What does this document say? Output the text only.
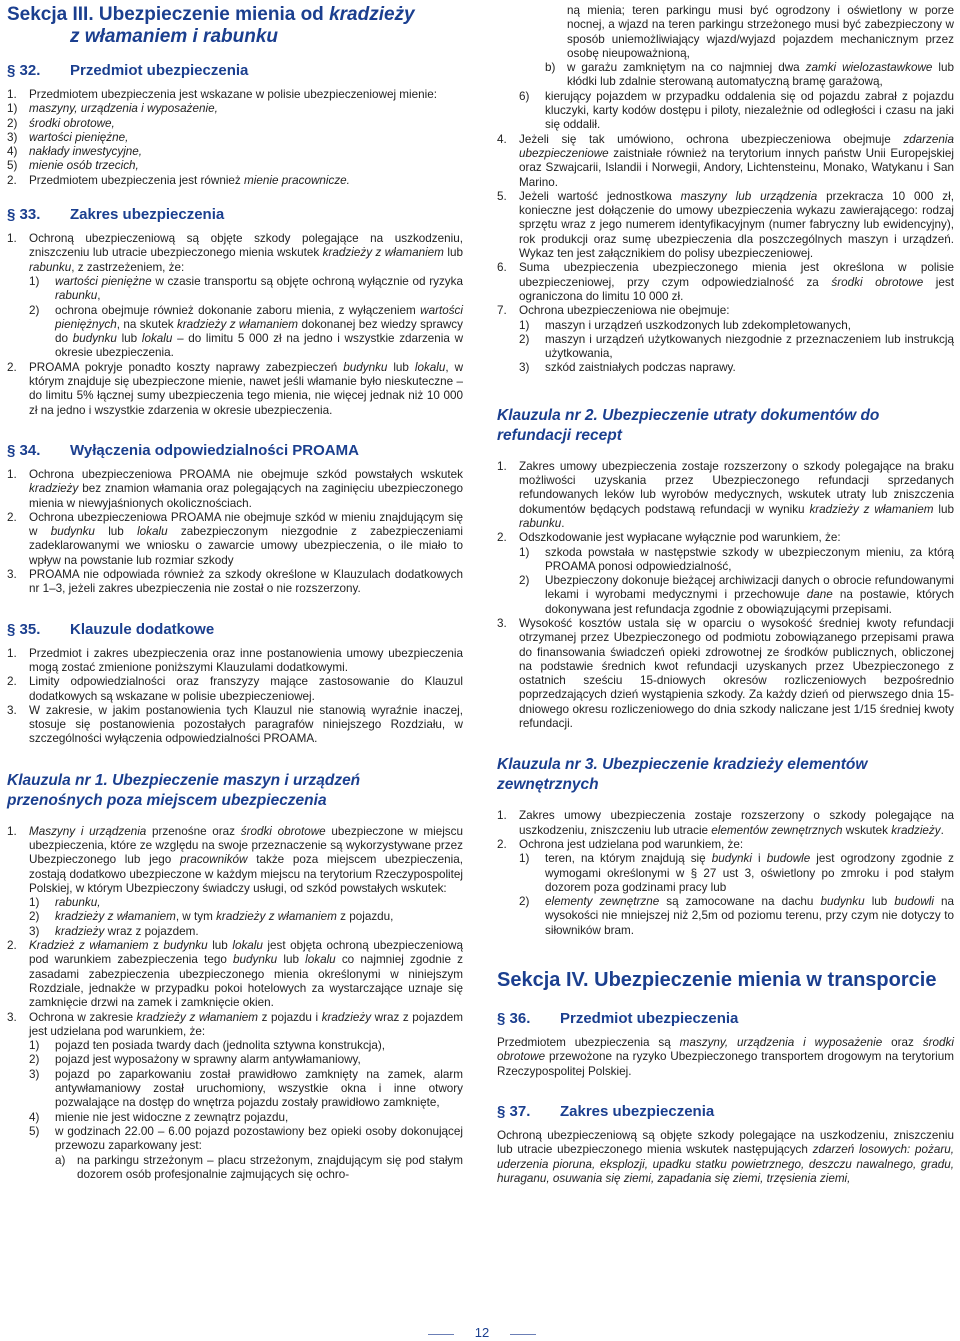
Sekcja III. Ubezpieczenie mienia od kradzieży
z włamaniem i rabunku
§ 32.	Przedmiot ubezpieczenia
1.	Przedmiotem ubezpieczenia jest wskazane w polisie ubezpieczeniowej mienie:
1) maszyny, urządzenia i wyposażenie,
2) środki obrotowe,
3) wartości pieniężne,
4) nakłady inwestycyjne,
5) mienie osób trzecich,
2.	Przedmiotem ubezpieczenia jest również mienie pracownicze.
§ 33.	Zakres ubezpieczenia
1.	Ochroną ubezpieczeniową są objęte szkody polegające na uszkodzeniu, zniszczeniu lub utracie ubezpieczonego mienia wskutek kradzieży z włamaniem lub rabunku, z zastrzeżeniem, że:
1)	wartości pieniężne w czasie transportu są objęte ochroną wyłącznie od ryzyka rabunku,
2)	ochrona obejmuje również dokonanie zaboru mienia, z wyłączeniem wartości pieniężnych, na skutek kradzieży z włamaniem dokonanej bez wiedzy sprawcy do budynku lub lokalu – do limitu 5 000 zł na jedno i wszystkie zdarzenia w okresie ubezpieczenia.
2.	PROAMA pokryje ponadto koszty naprawy zabezpieczeń budynku lub lokalu, w którym znajduje się ubezpieczone mienie, nawet jeśli włamanie było nieskuteczne – do limitu 5% łącznej sumy ubezpieczenia tego mienia, nie więcej jednak niż 10 000 zł na jedno i wszystkie zdarzenia w okresie ubezpieczenia.
§ 34.	Wyłączenia odpowiedzialności PROAMA
1.	Ochrona ubezpieczeniowa PROAMA nie obejmuje szkód powstałych wskutek kradzieży bez znamion włamania oraz polegających na zaginięciu ubezpieczonego mienia w niewyjaśnionych okolicznościach.
2.	Ochrona ubezpieczeniowa PROAMA nie obejmuje szkód w mieniu znajdującym się w budynku lub lokalu zabezpieczonym niezgodnie z zabezpieczeniami zadeklarowanymi we wniosku o zawarcie umowy ubezpieczenia, o ile miało to wpływ na powstanie lub rozmiar szkody
3.	PROAMA nie odpowiada również za szkody określone w Klauzulach dodatkowych nr 1–3, jeżeli zakres ubezpieczenia nie został o nie rozszerzony.
§ 35.	Klauzule dodatkowe
1.	Przedmiot i zakres ubezpieczenia oraz inne postanowienia umowy ubezpieczenia mogą zostać zmienione poniższymi Klauzulami dodatkowymi.
2.	Limity odpowiedzialności oraz franszyzy mające zastosowanie do Klauzul dodatkowych są wskazane w polisie ubezpieczeniowej.
3.	W zakresie, w jakim postanowienia tych Klauzul nie stanowią wyraźnie inaczej, stosuje się postanowienia pozostałych paragrafów niniejszego Rozdziału, w szczególności wyłączenia odpowiedzialności PROAMA.
Klauzula nr 1. Ubezpieczenie maszyn i urządzeń
przenośnych poza miejscem ubezpieczenia
1.	Maszyny i urządzenia przenośne oraz środki obrotowe ubezpieczone w miejscu ubezpieczenia, które ze względu na swoje przeznaczenie są wykorzystywane przez Ubezpieczonego lub jego pracowników także poza miejscem ubezpieczenia, zostają dodatkowo ubezpieczone w każdym miejscu na terytorium Rzeczypospolitej Polskiej, w którym Ubezpieczony świadczy usługi, od szkód powstałych wskutek:
1)	rabunku,
2)	kradzieży z włamaniem, w tym kradzieży z włamaniem z pojazdu,
3)	kradzieży wraz z pojazdem.
2.	Kradzież z włamaniem z budynku lub lokalu jest objęta ochroną ubezpieczeniową pod warunkiem zabezpieczenia tego budynku lub lokalu co najmniej zgodnie z zasadami zabezpieczenia ubezpieczonego mienia określonymi w niniejszym Rozdziale, jednakże w przypadku pokoi hotelowych za wystarczające uznaje się zamknięcie drzwi na zamek i zamknięcie okien.
3.	Ochrona w zakresie kradzieży z włamaniem z pojazdu i kradzieży wraz z pojazdem jest udzielana pod warunkiem, że:
1)	pojazd ten posiada twardy dach (jednolita sztywna konstrukcja),
2)	pojazd jest wyposażony w sprawny alarm antywłamaniowy,
3)	pojazd po zaparkowaniu został prawidłowo zamknięty na zamek, alarm antywłamaniowy został uruchomiony, wszystkie okna i inne otwory pozwalające na dostęp do wnętrza pojazdu zostały prawidłowo zamknięte,
4)	mienie nie jest widoczne z zewnątrz pojazdu,
5)	w godzinach 22.00 – 6.00 pojazd pozostawiony bez opieki osoby dokonującej przewozu zaparkowany jest:
a) na parkingu strzeżonym – placu strzeżonym, znajdującym się pod stałym dozorem osób profesjonalnie zajmujących się ochro-
ną mienia; teren parkingu musi być ogrodzony i oświetlony w porze nocnej, a wjazd na teren parkingu strzeżonego musi być zabezpieczony w sposób uniemożliwiający wjazd/wyjazd pojazdem mechanicznym przez osobę nieupoważnioną,
b) w garażu zamkniętym na co najmniej dwa zamki wielozastawkowe lub kłódki lub zdalnie sterowaną automatyczną bramę garażową,
6)	kierujący pojazdem w przypadku oddalenia się od pojazdu zabrał z pojazdu kluczyki, karty kodów dostępu i piloty, niezależnie od odległości i czasu na jaki się oddalił.
4.	Jeżeli się tak umówiono, ochrona ubezpieczeniowa obejmuje zdarzenia ubezpieczeniowe zaistniałe również na terytorium innych państw Unii Europejskiej oraz Szwajcarii, Islandii i Norwegii, Andory, Lichtensteinu, Monako, Watykanu i San Marino.
5.	Jeżeli wartość jednostkowa maszyny lub urządzenia przekracza 10 000 zł, konieczne jest dołączenie do umowy ubezpieczenia wykazu zawierającego: rodzaj sprzętu wraz z jego numerem identyfikacyjnym (numer fabryczny lub ewidencyjny), rok produkcji oraz sumę ubezpieczenia dla poszczególnych maszyn i urządzeń. Wykaz ten jest załącznikiem do polisy ubezpieczeniowej.
6.	Suma ubezpieczenia ubezpieczonego mienia jest określona w polisie ubezpieczeniowej, przy czym odpowiedzialność za środki obrotowe jest ograniczona do limitu 10 000 zł.
7.	Ochrona ubezpieczeniowa nie obejmuje:
1)	maszyn i urządzeń uszkodzonych lub zdekompletowanych,
2)	maszyn i urządzeń użytkowanych niezgodnie z przeznaczeniem lub instrukcją użytkowania,
3)	szkód zaistniałych podczas naprawy.
Klauzula nr 2. Ubezpieczenie utraty dokumentów do
refundacji recept
1.	Zakres umowy ubezpieczenia zostaje rozszerzony o szkody polegające na braku możliwości uzyskania przez Ubezpieczonego refundacji sprzedanych refundowanych leków lub wyrobów medycznych, wskutek utraty lub zniszczenia dokumentów będących podstawą refundacji w wyniku kradzieży z włamaniem lub rabunku.
2.	Odszkodowanie jest wypłacane wyłącznie pod warunkiem, że:
1)	szkoda powstała w następstwie szkody w ubezpieczonym mieniu, za którą PROAMA ponosi odpowiedzialność,
2)	Ubezpieczony dokonuje bieżącej archiwizacji danych o obrocie refundowanymi lekami i wyrobami medycznymi i przechowuje dane na postawie, których dokonywana jest refundacja zgodnie z obowiązującymi przepisami.
3.	Wysokość kosztów ustala się w oparciu o wysokość średniej kwoty refundacji otrzymanej przez Ubezpieczonego od podmiotu zobowiązanego przepisami prawa do finansowania świadczeń opieki zdrowotnej ze środków publicznych, obliczonej na podstawie średnich kwot refundacji uzyskanych przez Ubezpieczonego z ostatnich sześciu 15-dniowych okresów rozliczeniowych bezpośrednio poprzedzających dzień wystąpienia szkody. Za każdy dzień od pierwszego dnia 15-dniowego okresu rozliczeniowego do dnia szkody naliczane jest 1/15 średniej kwoty refundacji.
Klauzula nr 3. Ubezpieczenie kradzieży elementów
zewnętrznych
1.	Zakres umowy ubezpieczenia zostaje rozszerzony o szkody polegające na uszkodzeniu, zniszczeniu lub utracie elementów zewnętrznych wskutek kradzieży.
2.	Ochrona jest udzielana pod warunkiem, że:
1)	teren, na którym znajdują się budynki i budowle jest ogrodzony zgodnie z wymogami określonymi w § 27 ust 3, oświetlony po zmroku i pod stałym dozorem poza godzinami pracy lub
2)	elementy zewnętrzne są zamocowane na dachu budynku lub budowli na wysokości nie mniejszej niż 2,5m od poziomu terenu, przy czym nie dotyczy to siłowników bram.
Sekcja IV. Ubezpieczenie mienia w transporcie
§ 36.	Przedmiot ubezpieczenia

Przedmiotem ubezpieczenia są maszyny, urządzenia i wyposażenie oraz środki obrotowe przewożone na ryzyko Ubezpieczonego transportem drogowym na terytorium Rzeczypospolitej Polskiej.

§ 37.	Zakres ubezpieczenia

Ochroną ubezpieczeniową są objęte szkody polegające na uszkodzeniu, zniszczeniu lub utracie ubezpieczonego mienia wskutek następujących zdarzeń losowych: pożaru, uderzenia pioruna, eksplozji, upadku statku powietrznego, deszczu nawalnego, gradu, huraganu, osuwania się ziemi, zapadania się ziemi, trzęsienia ziemi,

12
